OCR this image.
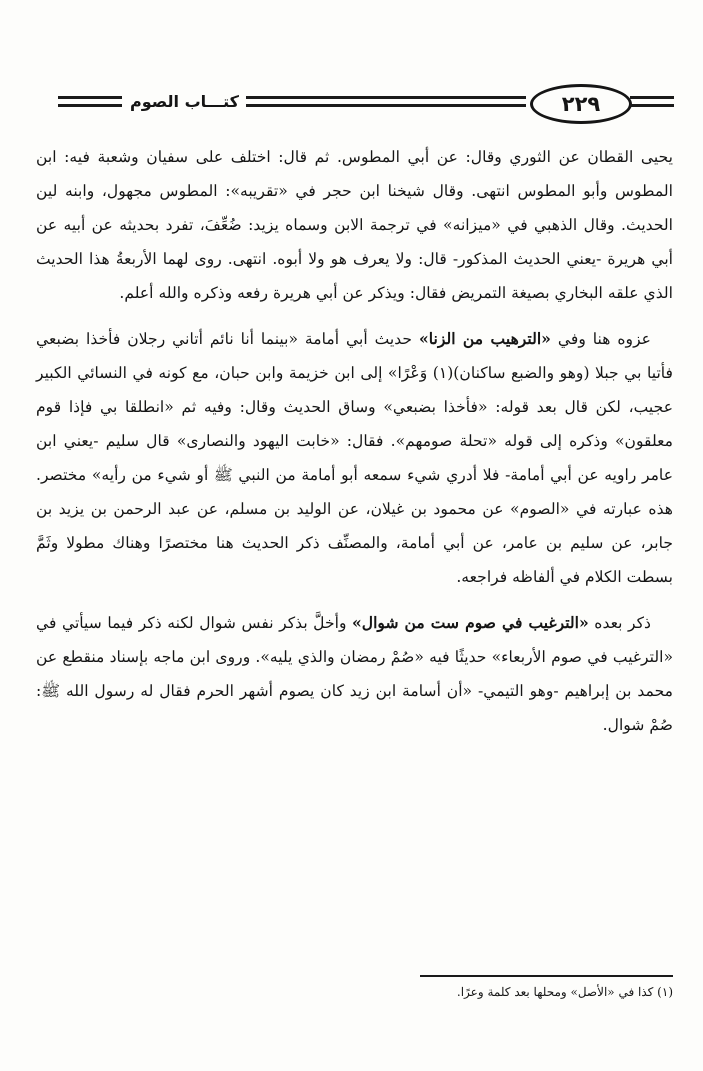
كتـــاب الصوم	٢٢٩

يحيى القطان عن الثوري وقال: عن أبي المطوس. ثم قال: اختلف على سفيان وشعبة فيه: ابن المطوس وأبو المطوس انتهى. وقال شيخنا ابن حجر في «تقريبه»: المطوس مجهول، وابنه لين الحديث. وقال الذهبي في «ميزانه» في ترجمة الابن وسماه يزيد: ضُعِّفَ، تفرد بحديثه عن أبيه عن أبي هريرة -يعني الحديث المذكور- قال: ولا يعرف هو ولا أبوه. انتهى. روى لهما الأربعةُ هذا الحديث الذي علقه البخاري بصيغة التمريض فقال: ويذكر عن أبي هريرة رفعه وذكره والله أعلم.

عزوه هنا وفي «الترهيب من الزنا» حديث أبي أمامة «بينما أنا نائم أتاني رجلان فأخذا بضبعي فأتيا بي جبلا (وهو والضبع ساكنان)(١) وَعْرًا» إلى ابن خزيمة وابن حبان، مع كونه في النسائي الكبير عجيب، لكن قال بعد قوله: «فأخذا بضبعي» وساق الحديث وقال: وفيه ثم «انطلقا بي فإذا قوم معلقون» وذكره إلى قوله «تحلة صومهم». فقال: «خابت اليهود والنصارى» قال سليم -يعني ابن عامر راويه عن أبي أمامة- فلا أدري شيء سمعه أبو أمامة من النبي ﷺ أو شيء من رأيه» مختصر. هذه عبارته في «الصوم» عن محمود بن غيلان، عن الوليد بن مسلم، عن عبد الرحمن بن يزيد بن جابر، عن سليم بن عامر، عن أبي أمامة، والمصنِّف ذكر الحديث هنا مختصرًا وهناك مطولا وثَمَّ بسطت الكلام في ألفاظه فراجعه.

ذكر بعده «الترغيب في صوم ست من شوال» وأخلَّ بذكر نفس شوال لكنه ذكر فيما سيأتي في «الترغيب في صوم الأربعاء» حديثًا فيه «صُمْ رمضان والذي يليه». وروى ابن ماجه بإسناد منقطع عن محمد بن إبراهيم -وهو التيمي- «أن أسامة ابن زيد كان يصوم أشهر الحرم فقال له رسول الله ﷺ: صُمْ شوال.

(١) كذا في «الأصل» ومحلها بعد كلمة وعرًا.
